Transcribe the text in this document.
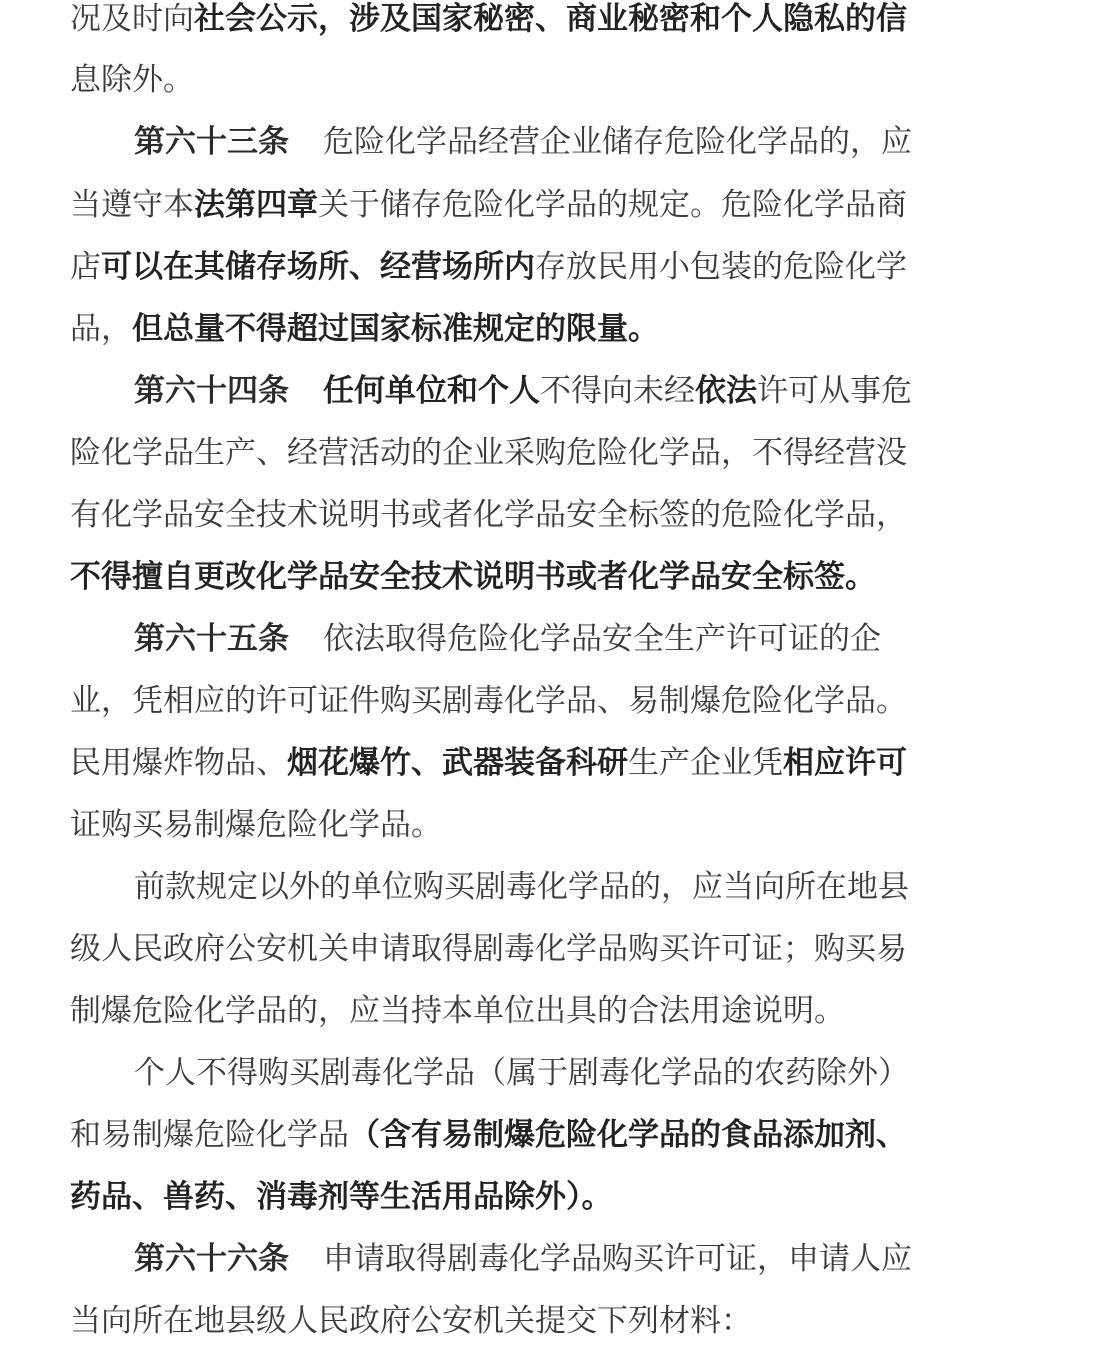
况及时向社会公示，涉及国家秘密、商业秘密和个人隐私的信
息除外。
第六十三条 危险化学品经营企业储存危险化学品的，应
当遵守本法第四章关于储存危险化学品的规定。危险化学品商
店可以在其储存场所、经营场所内存放民用小包装的危险化学
品，但总量不得超过国家标准规定的限量。
第六十四条 任何单位和个人不得向未经依法许可从事危
险化学品生产、经营活动的企业采购危险化学品，不得经营没
有化学品安全技术说明书或者化学品安全标签的危险化学品，
不得擅自更改化学品安全技术说明书或者化学品安全标签。
第六十五条 依法取得危险化学品安全生产许可证的企
业，凭相应的许可证件购买剧毒化学品、易制爆危险化学品。
民用爆炸物品、烟花爆竹、武器装备科研生产企业凭相应许可
证购买易制爆危险化学品。
前款规定以外的单位购买剧毒化学品的，应当向所在地县
级人民政府公安机关申请取得剧毒化学品购买许可证；购买易
制爆危险化学品的，应当持本单位出具的合法用途说明。
个人不得购买剧毒化学品（属于剧毒化学品的农药除外）
和易制爆危险化学品（含有易制爆危险化学品的食品添加剂、
药品、兽药、消毒剂等生活用品除外）。
第六十六条 申请取得剧毒化学品购买许可证，申请人应
当向所在地县级人民政府公安机关提交下列材料：
